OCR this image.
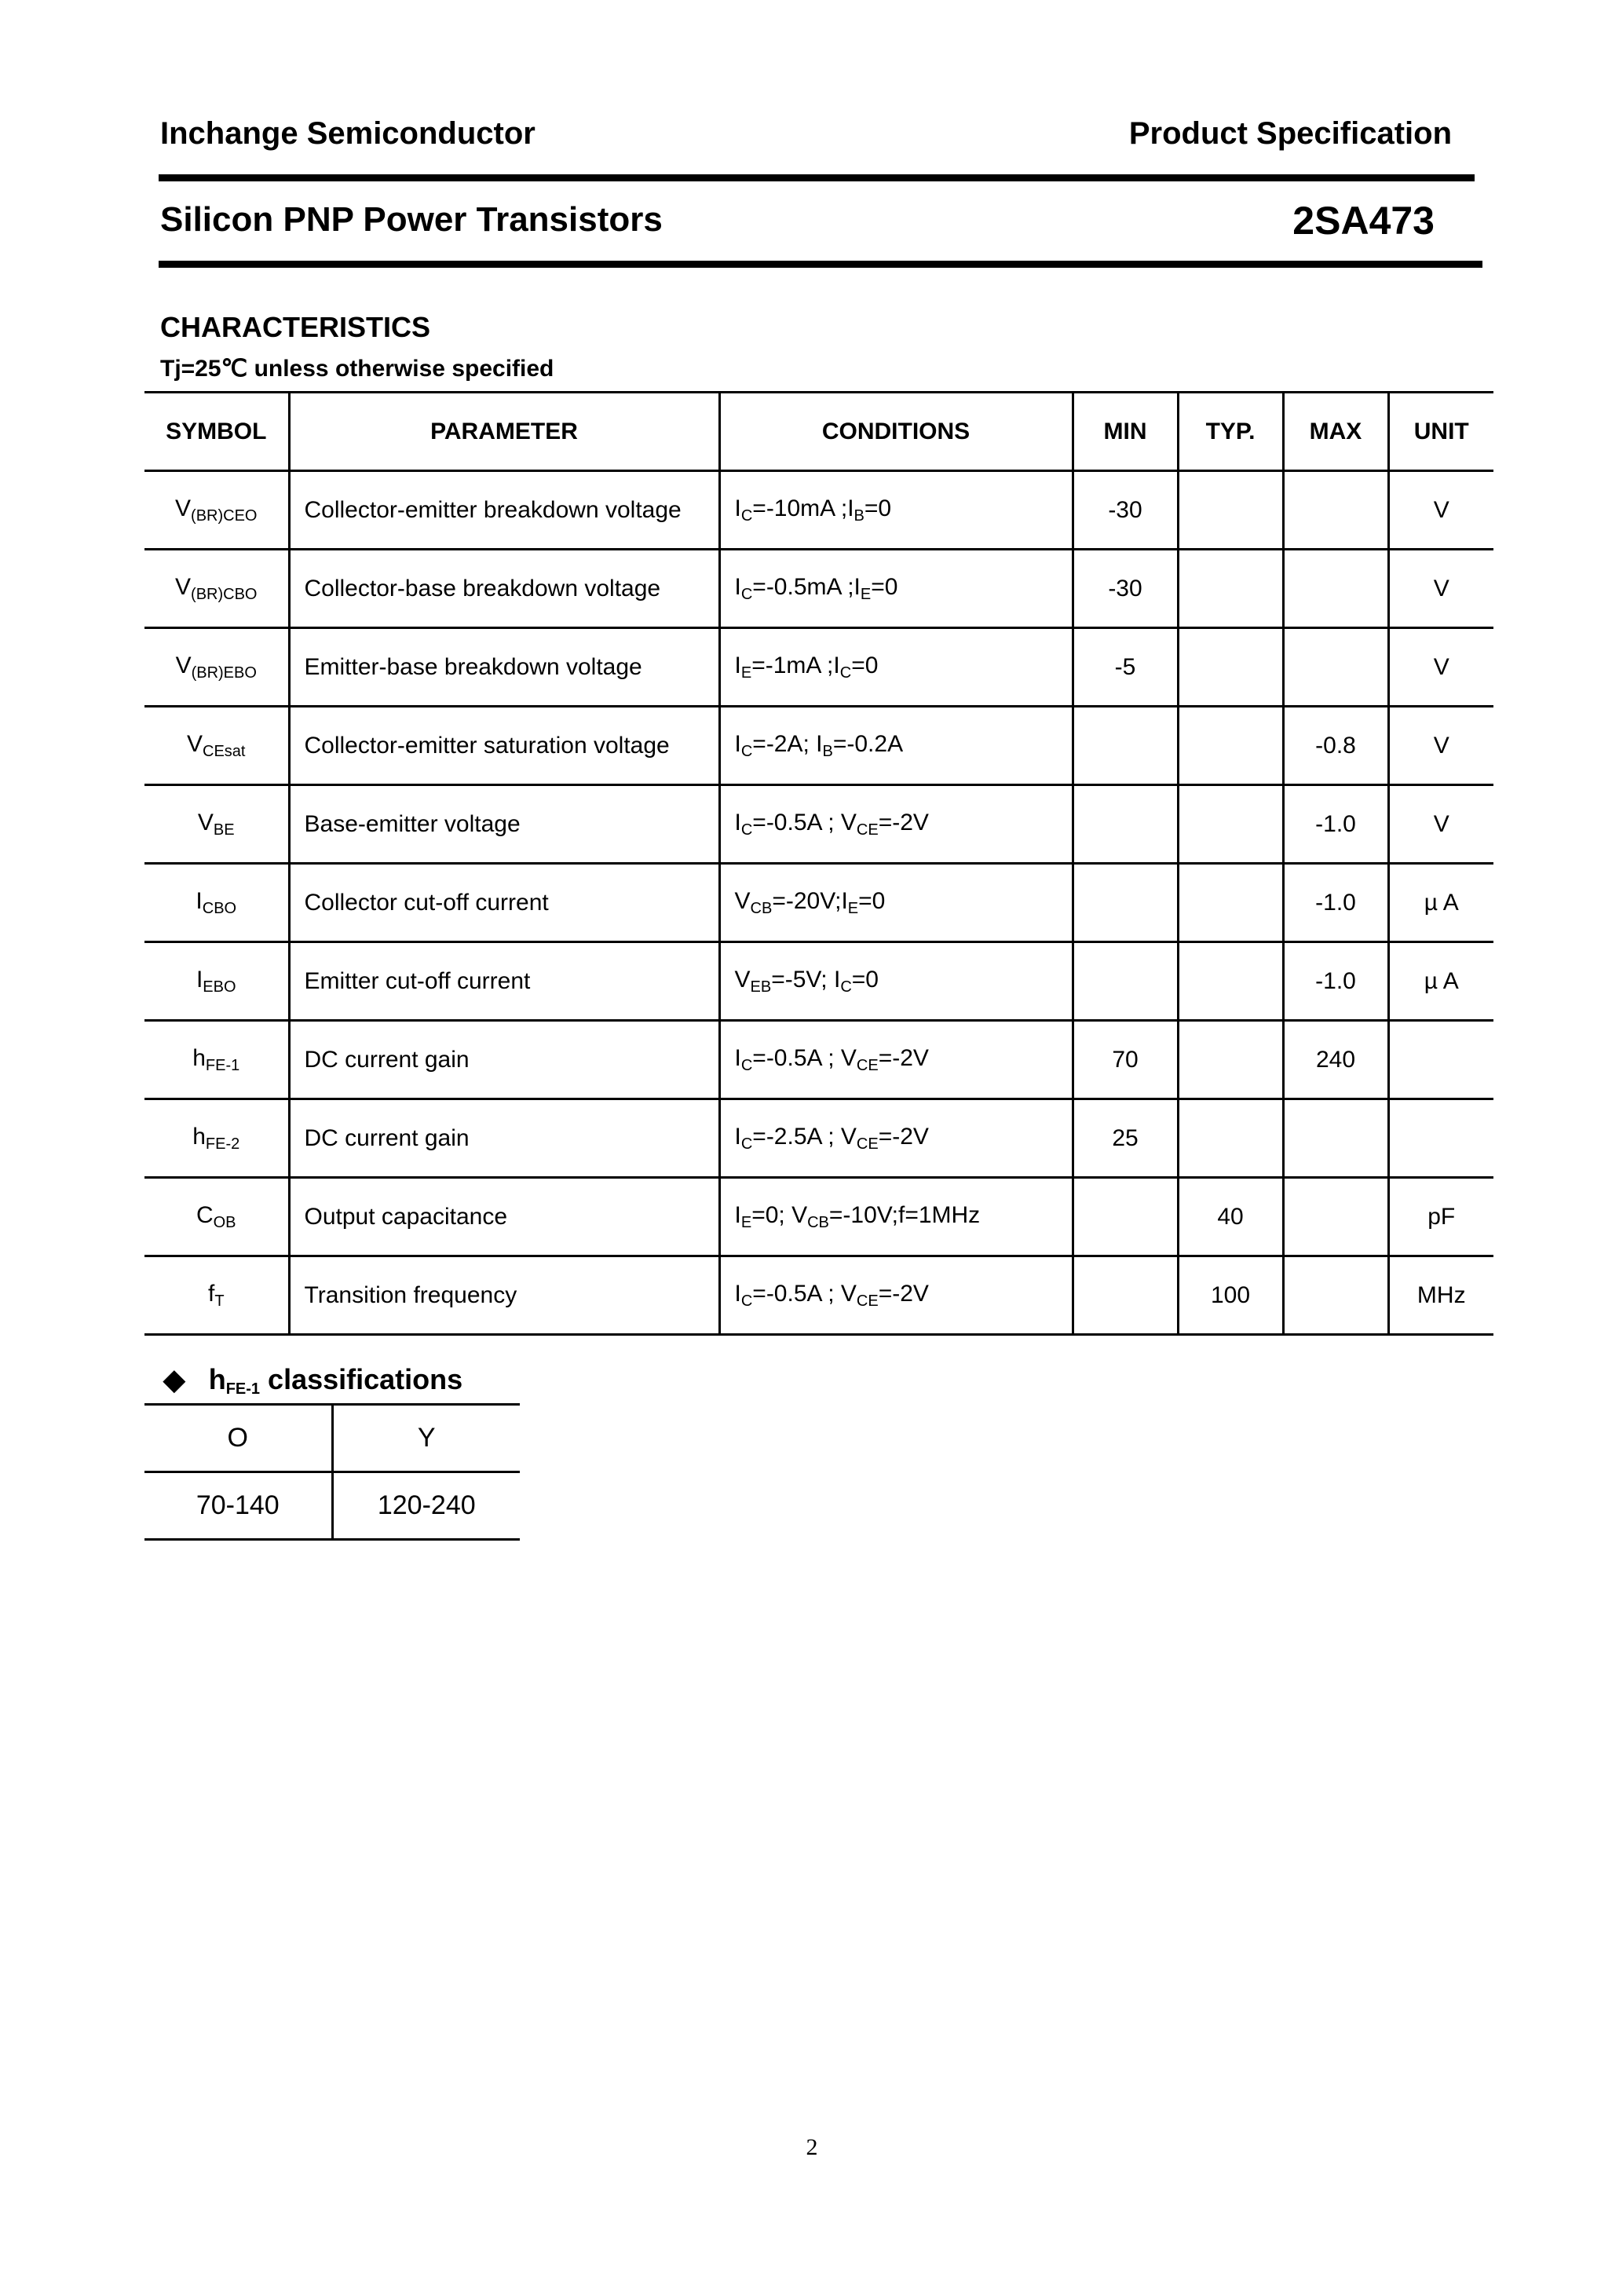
Inchange Semiconductor	Product Specification
Silicon PNP Power Transistors	2SA473
CHARACTERISTICS
Tj=25℃ unless otherwise specified
SYMBOL	PARAMETER	CONDITIONS	MIN	TYP.	MAX	UNIT
$V_{(BR)CEO}$	Collector-emitter breakdown voltage	$I_C=-10mA$ $;I_B=0$	-30			V
$V_{(BR)CBO}$	Collector-base breakdown voltage	$I_C=-0.5mA$ $;I_E=0$	-30			V
$V_{(BR)EBO}$	Emitter-base breakdown voltage	$I_E=-1mA$ $;I_C=0$	-5			V
$V_{CEsat}$	Collector-emitter saturation voltage	$I_C=-2A$; $I_B=-0.2A$			-0.8	V
$V_{BE}$	Base-emitter voltage	$I_C=-0.5A$ ; $V_{CE}=-2V$			-1.0	V
$I_{CBO}$	Collector cut-off current	$V_{CB}=-20V;I_E=0$			-1.0	µ A
$I_{EBO}$	Emitter cut-off current	$V_{EB}=-5V$; $I_C=0$			-1.0	µ A
$h_{FE-1}$	DC current gain	$I_C=-0.5A$ ; $V_{CE}=-2V$	70		240	
$h_{FE-2}$	DC current gain	$I_C=-2.5A$ ; $V_{CE}=-2V$	25			
$C_{OB}$	Output capacitance	$I_E=0$; $V_{CB}=-10V;f=1MHz$		40		pF
$f_T$	Transition frequency	$I_C=-0.5A$ ; $V_{CE}=-2V$		100		MHz
◆ $h_{FE-1}$ classifications
O	Y
70-140	120-240
2
